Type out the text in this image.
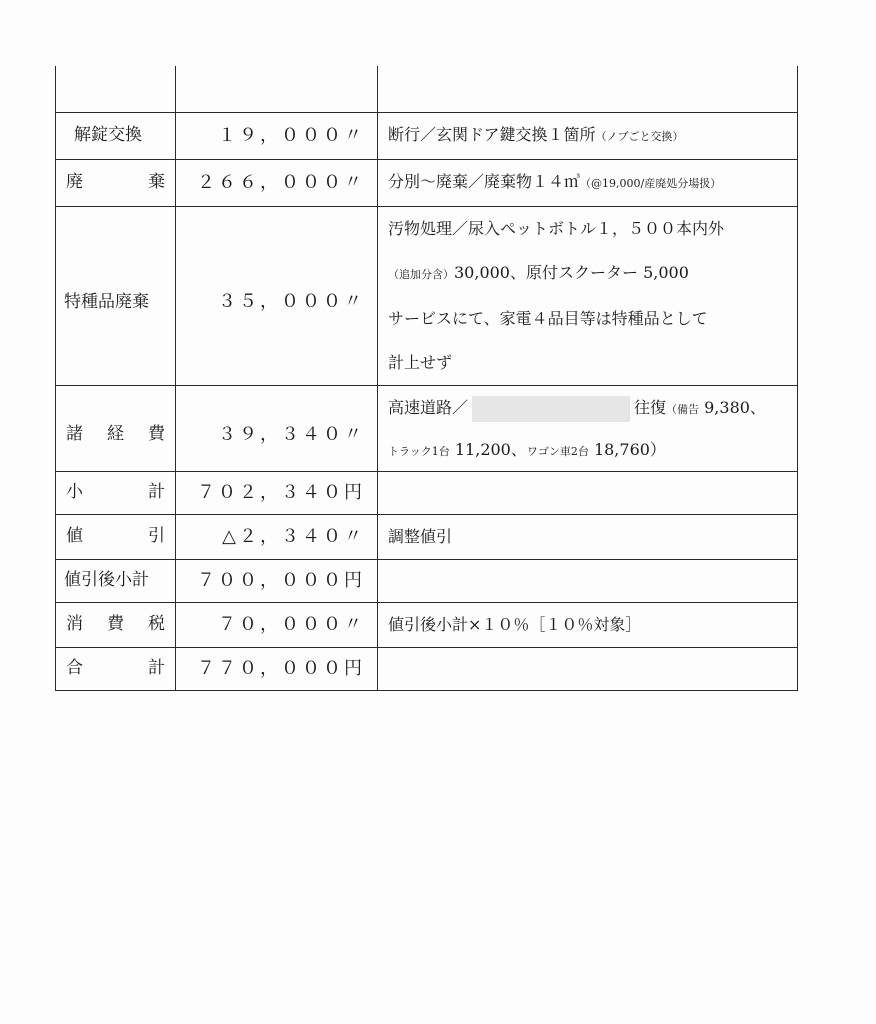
解錠交換	１９，０００〃	断行／玄関ドア鍵交換１箇所（ノブごと交換）

廃 棄	２６６，０００〃	分別～廃棄／廃棄物１４㎥（@19,000/産廃処分場扱）

特種品廃棄	３５，０００〃	汚物処理／尿入ペットボトル１，５００本内外
（追加分含）30,000、原付スクーター 5,000
サービスにて、家電４品目等は特種品として
計上せず

諸 経 費	３９，３４０〃	高速道路／ 往復（備告 9,380、
トラック1台 11,200、ワゴン車2台 18,760）

小 計	７０２，３４０円	

値 引	△２，３４０〃	調整値引

値引後小計	７００，０００円	

消 費 税	７０，０００〃	値引後小計×１０％［１０％対象］

合 計	７７０，０００円	
